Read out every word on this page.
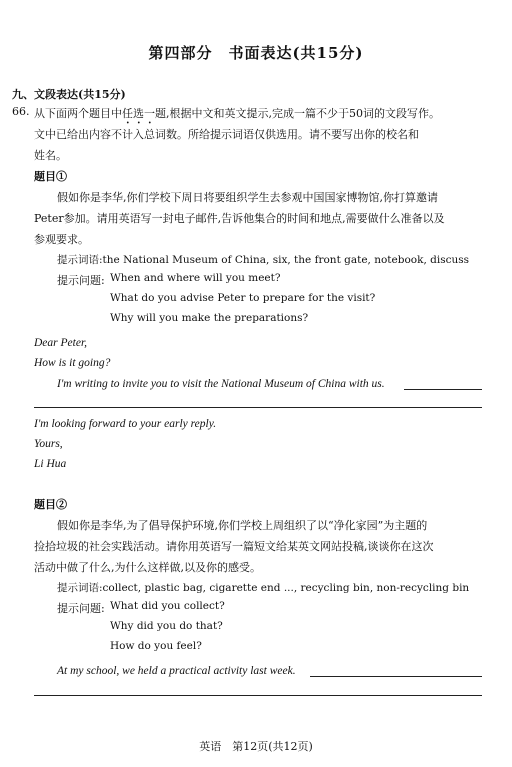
第四部分　书面表达(共15分)
九、文段表达(共15分)
66. 从下面两个题目中任选一题,根据中文和英文提示,完成一篇不少于50词的文段写作。
文中已给出内容不计入总词数。所给提示词语仅供选用。请不要写出你的校名和
姓名。
题目①
假如你是李华,你们学校下周日将要组织学生去参观中国国家博物馆,你打算邀请
Peter参加。请用英语写一封电子邮件,告诉他集合的时间和地点,需要做什么准备以及
参观要求。
提示词语:the National Museum of China, six, the front gate, notebook, discuss
提示问题: When and where will you meet?
What do you advise Peter to prepare for the visit?
Why will you make the preparations?
Dear Peter,
How is it going?
I'm writing to invite you to visit the National Museum of China with us.
I'm looking forward to your early reply.
Yours,
Li Hua
题目②
假如你是李华,为了倡导保护环境,你们学校上周组织了以“净化家园”为主题的
捡拾垃圾的社会实践活动。请你用英语写一篇短文给某英文网站投稿,谈谈你在这次
活动中做了什么,为什么这样做,以及你的感受。
提示词语:collect, plastic bag, cigarette end ..., recycling bin, non-recycling bin
提示问题: What did you collect?
Why did you do that?
How do you feel?
At my school, we held a practical activity last week.
英语　第12页(共12页)
